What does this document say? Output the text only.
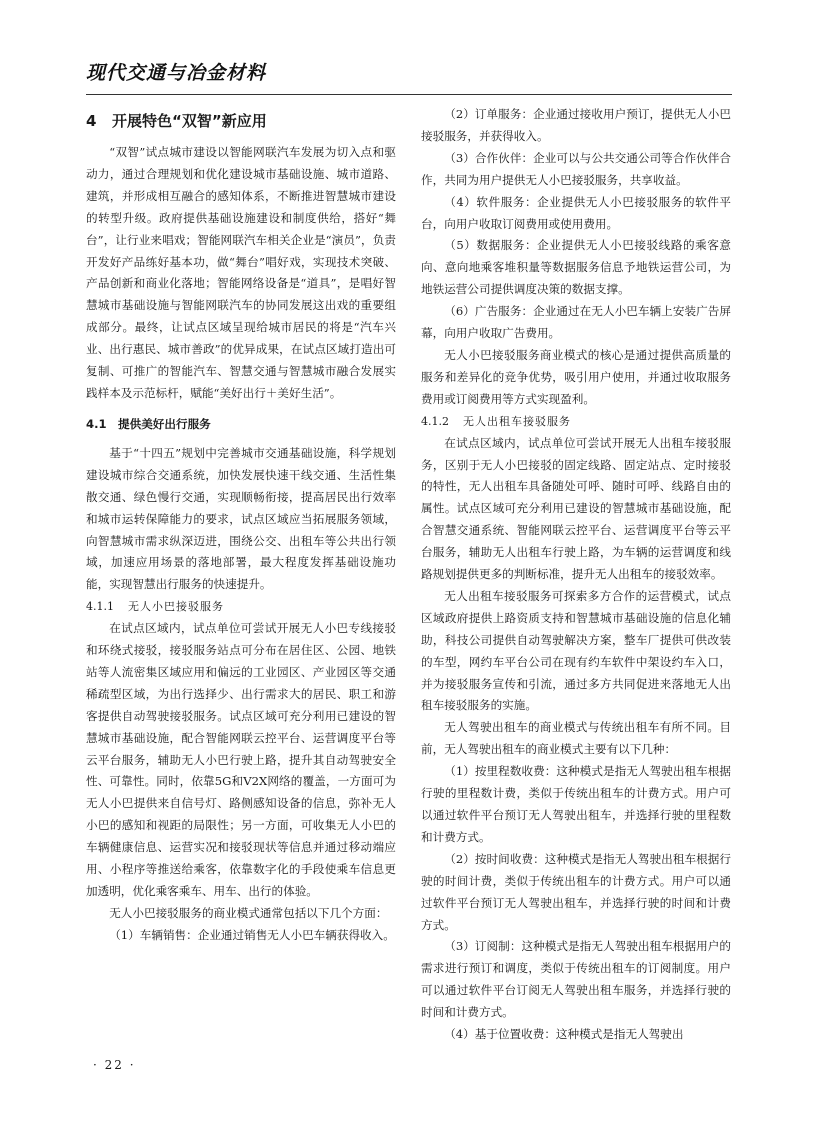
现代交通与冶金材料
4 开展特色“双智”新应用

“双智”试点城市建设以智能网联汽车发展为切入点和驱动力，通过合理规划和优化建设城市基础设施、城市道路、建筑，并形成相互融合的感知体系，不断推进智慧城市建设的转型升级。政府提供基础设施建设和制度供给，搭好“舞台”，让行业来唱戏；智能网联汽车相关企业是“演员”，负责开发好产品练好基本功，做“舞台”唱好戏，实现技术突破、产品创新和商业化落地；智能网络设备是“道具”，是唱好智慧城市基础设施与智能网联汽车的协同发展这出戏的重要组成部分。最终，让试点区域呈现给城市居民的将是“汽车兴业、出行惠民、城市善政”的优异成果，在试点区域打造出可复制、可推广的智能汽车、智慧交通与智慧城市融合发展实践样本及示范标杆，赋能“美好出行＋美好生活”。

4.1 提供美好出行服务

基于“十四五”规划中完善城市交通基础设施，科学规划建设城市综合交通系统，加快发展快速干线交通、生活性集散交通、绿色慢行交通，实现顺畅衔接，提高居民出行效率和城市运转保障能力的要求，试点区域应当拓展服务领域，向智慧城市需求纵深迈进，围绕公交、出租车等公共出行领域，加速应用场景的落地部署，最大程度发挥基础设施功能，实现智慧出行服务的快速提升。

4.1.1 无人小巴接驳服务

在试点区域内，试点单位可尝试开展无人小巴专线接驳和环绕式接驳，接驳服务站点可分布在居住区、公园、地铁站等人流密集区域应用和偏远的工业园区、产业园区等交通稀疏型区域，为出行选择少、出行需求大的居民、职工和游客提供自动驾驶接驳服务。试点区域可充分利用已建设的智慧城市基础设施，配合智能网联云控平台、运营调度平台等云平台服务，辅助无人小巴行驶上路，提升其自动驾驶安全性、可靠性。同时，依靠5G和V2X网络的覆盖，一方面可为无人小巴提供来自信号灯、路侧感知设备的信息，弥补无人小巴的感知和视距的局限性；另一方面，可收集无人小巴的车辆健康信息、运营实况和接驳现状等信息并通过移动端应用、小程序等推送给乘客，依靠数字化的手段使乘车信息更加透明，优化乘客乘车、用车、出行的体验。

无人小巴接驳服务的商业模式通常包括以下几个方面：

（1）车辆销售：企业通过销售无人小巴车辆获得收入。

（2）订单服务：企业通过接收用户预订，提供无人小巴接驳服务，并获得收入。

（3）合作伙伴：企业可以与公共交通公司等合作伙伴合作，共同为用户提供无人小巴接驳服务，共享收益。

（4）软件服务：企业提供无人小巴接驳服务的软件平台，向用户收取订阅费用或使用费用。

（5）数据服务：企业提供无人小巴接驳线路的乘客意向、意向地乘客堆积量等数据服务信息予地铁运营公司，为地铁运营公司提供调度决策的数据支撑。

（6）广告服务：企业通过在无人小巴车辆上安装广告屏幕，向用户收取广告费用。

无人小巴接驳服务商业模式的核心是通过提供高质量的服务和差异化的竞争优势，吸引用户使用，并通过收取服务费用或订阅费用等方式实现盈利。

4.1.2 无人出租车接驳服务

在试点区域内，试点单位可尝试开展无人出租车接驳服务，区别于无人小巴接驳的固定线路、固定站点、定时接驳的特性，无人出租车具备随处可呼、随时可呼、线路自由的属性。试点区域可充分利用已建设的智慧城市基础设施，配合智慧交通系统、智能网联云控平台、运营调度平台等云平台服务，辅助无人出租车行驶上路，为车辆的运营调度和线路规划提供更多的判断标准，提升无人出租车的接驳效率。

无人出租车接驳服务可探索多方合作的运营模式，试点区域政府提供上路资质支持和智慧城市基础设施的信息化辅助，科技公司提供自动驾驶解决方案，整车厂提供可供改装的车型，网约车平台公司在现有约车软件中架设约车入口，并为接驳服务宣传和引流，通过多方共同促进来落地无人出租车接驳服务的实施。

无人驾驶出租车的商业模式与传统出租车有所不同。目前，无人驾驶出租车的商业模式主要有以下几种：

（1）按里程数收费：这种模式是指无人驾驶出租车根据行驶的里程数计费，类似于传统出租车的计费方式。用户可以通过软件平台预订无人驾驶出租车，并选择行驶的里程数和计费方式。

（2）按时间收费：这种模式是指无人驾驶出租车根据行驶的时间计费，类似于传统出租车的计费方式。用户可以通过软件平台预订无人驾驶出租车，并选择行驶的时间和计费方式。

（3）订阅制：这种模式是指无人驾驶出租车根据用户的需求进行预订和调度，类似于传统出租车的订阅制度。用户可以通过软件平台订阅无人驾驶出租车服务，并选择行驶的时间和计费方式。

（4）基于位置收费：这种模式是指无人驾驶出

· 22 ·
